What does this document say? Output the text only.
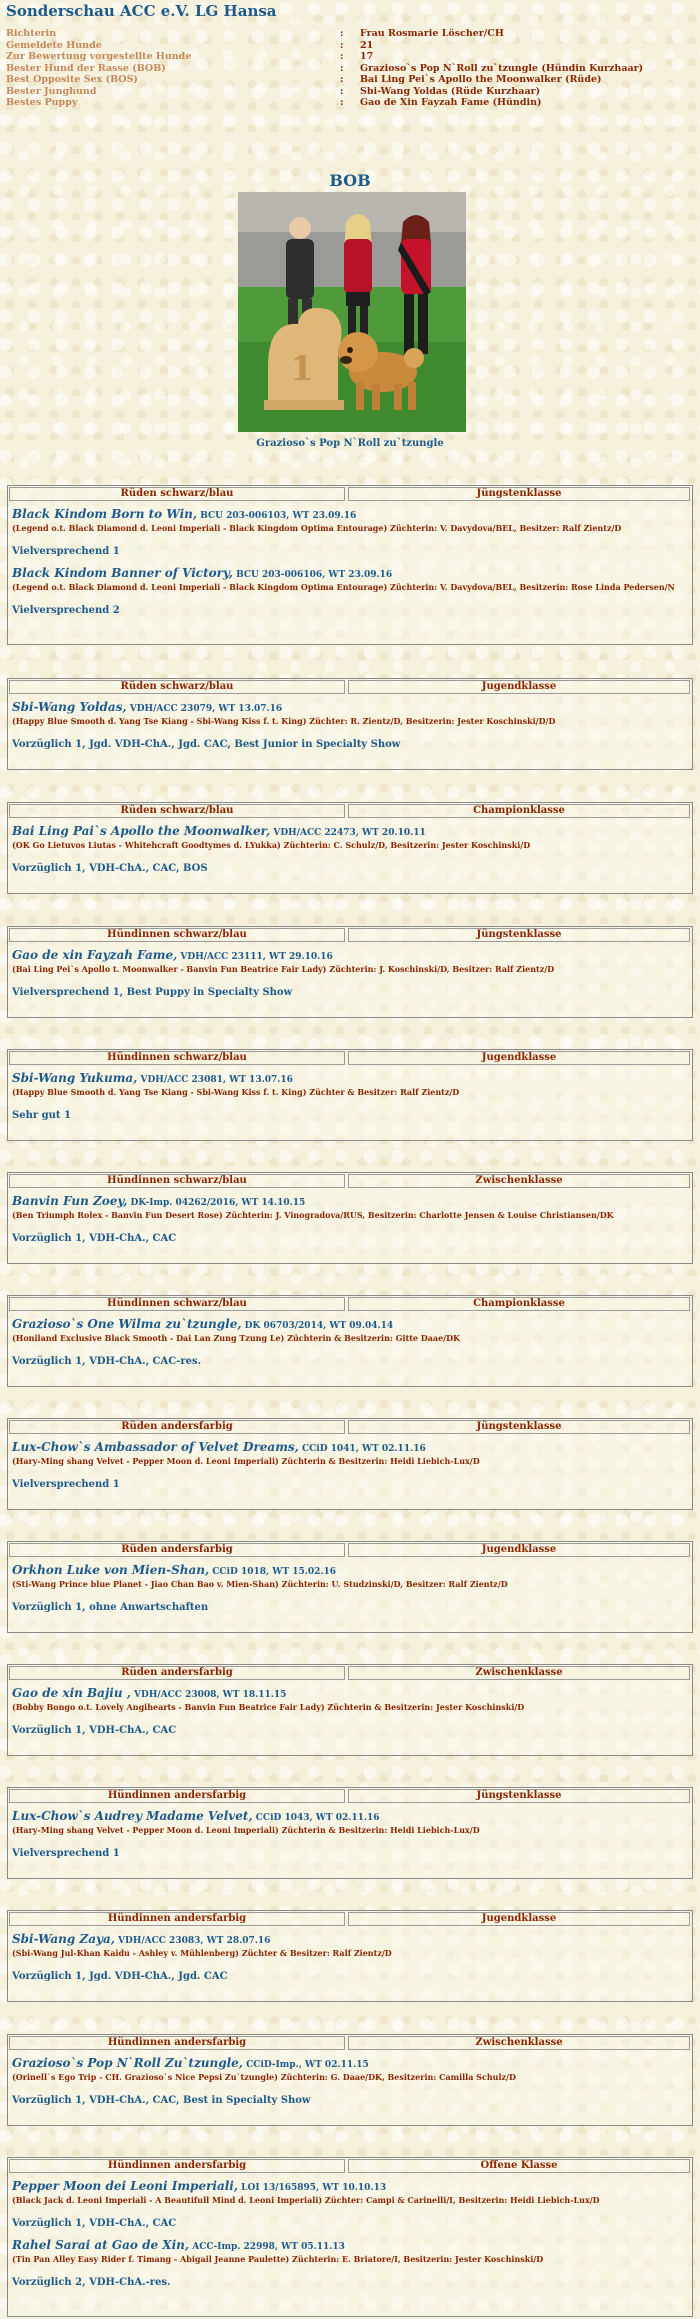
Sonderschau ACC e.V. LG Hansa
Richterin	:	Frau Rosmarie Löscher/CH
Gemeldete Hunde	:	21
Zur Bewertung vorgestellte Hunde	:	17
Bester Hund der Rasse (BOB)	:	Grazioso`s Pop N`Roll zu`tzungle (Hündin Kurzhaar)
Best Opposite Sex (BOS)	:	Bai Ling Pei`s Apollo the Moonwalker (Rüde)
Bester Junghund	:	Sbi-Wang Yoldas (Rüde Kurzhaar)
Bestes Puppy	:	Gao de Xin Fayzah Fame (Hündin)
BOB
1
Grazioso`s Pop N`Roll zu`tzungle
Rüden schwarz/blau	Jüngstenklasse
Black Kindom Born to Win, BCU 203-006103, WT 23.09.16
(Legend o.t. Black Diamond d. Leoni Imperiali - Black Kingdom Optima Entourage) Züchterin: V. Davydova/BEL, Besitzer: Ralf Zientz/D
Vielversprechend 1
Black Kindom Banner of Victory, BCU 203-006106, WT 23.09.16
(Legend o.t. Black Diamond d. Leoni Imperiali - Black Kingdom Optima Entourage) Züchterin: V. Davydova/BEL, Besitzerin: Rose Linda Pedersen/N
Vielversprechend 2
Rüden schwarz/blau	Jugendklasse
Sbi-Wang Yoldas, VDH/ACC 23079, WT 13.07.16
(Happy Blue Smooth d. Yang Tse Kiang - Sbi-Wang Kiss f. t. King) Züchter: R. Zientz/D, Besitzerin: Jester Koschinski/D/D
Vorzüglich 1, Jgd. VDH-ChA., Jgd. CAC, Best Junior in Specialty Show
Rüden schwarz/blau	Championklasse
Bai Ling Pai`s Apollo the Moonwalker, VDH/ACC 22473, WT 20.10.11
(OK Go Lietuvos Liutas - Whitehcraft Goodtymes d. LYukka) Züchterin: C. Schulz/D, Besitzerin: Jester Koschinski/D
Vorzüglich 1, VDH-ChA., CAC, BOS
Hündinnen schwarz/blau	Jüngstenklasse
Gao de xin Fayzah Fame, VDH/ACC 23111, WT 29.10.16
(Bai Ling Pei`s Apollo t. Moonwalker - Banvin Fun Beatrice Fair Lady) Züchterin: J. Koschinski/D, Besitzer: Ralf Zientz/D
Vielversprechend 1, Best Puppy in Specialty Show
Hündinnen schwarz/blau	Jugendklasse
Sbi-Wang Yukuma, VDH/ACC 23081, WT 13.07.16
(Happy Blue Smooth d. Yang Tse Kiang - Sbi-Wang Kiss f. t. King) Züchter & Besitzer: Ralf Zientz/D
Sehr gut 1
Hündinnen schwarz/blau	Zwischenklasse
Banvin Fun Zoey, DK-Imp. 04262/2016, WT 14.10.15
(Ben Triumph Rolex - Banvin Fun Desert Rose) Züchterin: J. Vinogradova/RUS, Besitzerin: Charlotte Jensen & Louise Christiansen/DK
Vorzüglich 1, VDH-ChA., CAC
Hündinnen schwarz/blau	Championklasse
Grazioso`s One Wilma zu`tzungle, DK 06703/2014, WT 09.04.14
(Honiland Exclusive Black Smooth - Dai Lan Zung Tzung Le) Züchterin & Besitzerin: Gitte Daae/DK
Vorzüglich 1, VDH-ChA., CAC-res.
Rüden andersfarbig	Jüngstenklasse
Lux-Chow`s Ambassador of Velvet Dreams, CCiD 1041, WT 02.11.16
(Hary-Ming shang Velvet - Pepper Moon d. Leoni Imperiali) Züchterin & Besitzerin: Heidi Liebich-Lux/D
Vielversprechend 1
Rüden andersfarbig	Jugendklasse
Orkhon Luke von Mien-Shan, CCiD 1018, WT 15.02.16
(Sti-Wang Prince blue Planet - Jiao Chan Bao v. Mien-Shan) Züchterin: U. Studzinski/D, Besitzer: Ralf Zientz/D
Vorzüglich 1, ohne Anwartschaften
Rüden andersfarbig	Zwischenklasse
Gao de xin Bajiu , VDH/ACC 23008, WT 18.11.15
(Bobby Bongo o.t. Lovely Angihearts - Banvin Fun Beatrice Fair Lady) Züchterin & Besitzerin: Jester Koschinski/D
Vorzüglich 1, VDH-ChA., CAC
Hündinnen andersfarbig	Jüngstenklasse
Lux-Chow`s Audrey Madame Velvet, CCiD 1043, WT 02.11.16
(Hary-Ming shang Velvet - Pepper Moon d. Leoni Imperiali) Züchterin & Besitzerin: Heidi Liebich-Lux/D
Vielversprechend 1
Hündinnen andersfarbig	Jugendklasse
Sbi-Wang Zaya, VDH/ACC 23083, WT 28.07.16
(Sbi-Wang Jul-Khan Kaidu - Ashley v. Mühlenberg) Züchter & Besitzer: Ralf Zientz/D
Vorzüglich 1, Jgd. VDH-ChA., Jgd. CAC
Hündinnen andersfarbig	Zwischenklasse
Grazioso`s Pop N`Roll Zu`tzungle, CCiD-Imp., WT 02.11.15
(Orinell`s Ego Trip - CH. Grazioso`s Nice Pepsi Zu`tzungle) Züchterin: G. Daae/DK, Besitzerin: Camilla Schulz/D
Vorzüglich 1, VDH-ChA., CAC, Best in Specialty Show
Hündinnen andersfarbig	Offene Klasse
Pepper Moon dei Leoni Imperiali, LOI 13/165895, WT 10.10.13
(Black Jack d. Leoni Imperiali - A Beautifull Mind d. Leoni Imperiali) Züchter: Campi & Carinelli/I, Besitzerin: Heidi Liebich-Lux/D
Vorzüglich 1, VDH-ChA., CAC
Rahel Sarai at Gao de Xin, ACC-Imp. 22998, WT 05.11.13
(Tin Pan Alley Easy Rider f. Timang - Abigail Jeanne Paulette) Züchterin: E. Briatore/I, Besitzerin: Jester Koschinski/D
Vorzüglich 2, VDH-ChA.-res.
